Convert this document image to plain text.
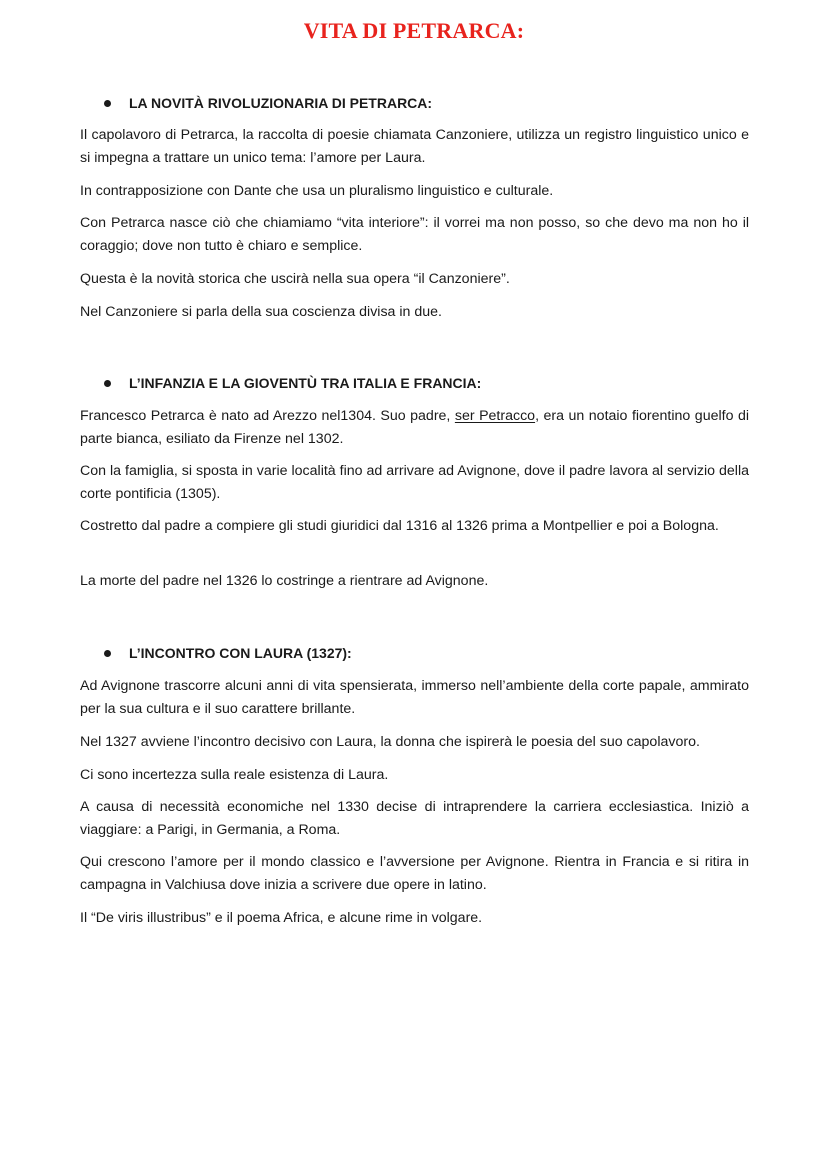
VITA DI PETRARCA:
LA NOVITÀ RIVOLUZIONARIA DI PETRARCA:

Il capolavoro di Petrarca, la raccolta di poesie chiamata Canzoniere, utilizza un registro linguistico unico e si impegna a trattare un unico tema: l’amore per Laura.

In contrapposizione con Dante che usa un pluralismo linguistico e culturale.

Con Petrarca nasce ciò che chiamiamo “vita interiore”: il vorrei ma non posso, so che devo ma non ho il coraggio; dove non tutto è chiaro e semplice.

Questa è la novità storica che uscirà nella sua opera “il Canzoniere”.

Nel Canzoniere si parla della sua coscienza divisa in due.

L’INFANZIA E LA GIOVENTÙ TRA ITALIA E FRANCIA:

Francesco Petrarca è nato ad Arezzo nel1304. Suo padre, ser Petracco, era un notaio fiorentino guelfo di parte bianca, esiliato da Firenze nel 1302.

Con la famiglia, si sposta in varie località fino ad arrivare ad Avignone, dove il padre lavora al servizio della corte pontificia (1305).

Costretto dal padre a compiere gli studi giuridici dal 1316 al 1326 prima a Montpellier e poi a Bologna.

La morte del padre nel 1326 lo costringe a rientrare ad Avignone.

L’INCONTRO CON LAURA (1327):

Ad Avignone trascorre alcuni anni di vita spensierata, immerso nell’ambiente della corte papale, ammirato per la sua cultura e il suo carattere brillante.

Nel 1327 avviene l’incontro decisivo con Laura, la donna che ispirerà le poesia del suo capolavoro.

Ci sono incertezza sulla reale esistenza di Laura.

A causa di necessità economiche nel 1330 decise di intraprendere la carriera ecclesiastica. Iniziò a viaggiare: a Parigi, in Germania, a Roma.

Qui crescono l’amore per il mondo classico e l’avversione per Avignone. Rientra in Francia e si ritira in campagna in Valchiusa dove inizia a scrivere due opere in latino.

Il “De viris illustribus” e il poema Africa, e alcune rime in volgare.
